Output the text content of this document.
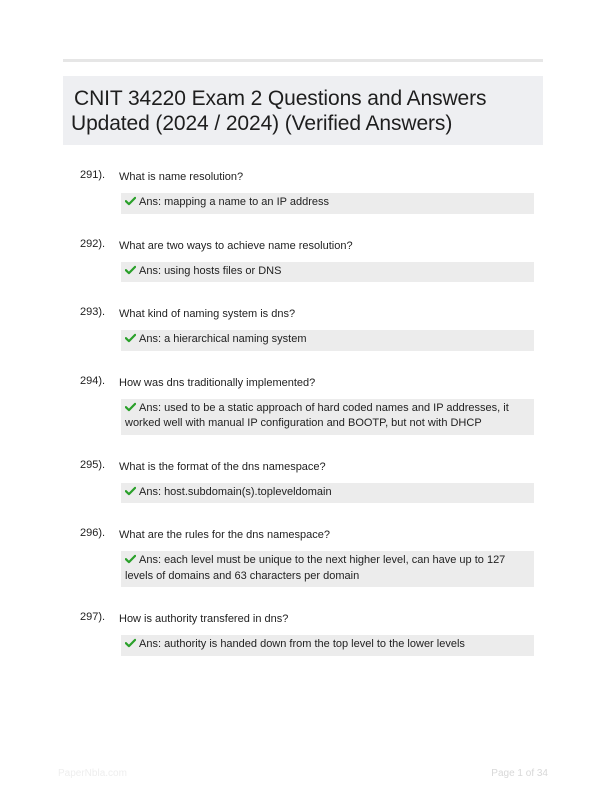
CNIT 34220 Exam 2 Questions and Answers
Updated (2024 / 2024) (Verified Answers)
291).	What is name resolution?
Ans: mapping a name to an IP address
292).	What are two ways to achieve name resolution?
Ans: using hosts files or DNS
293).	What kind of naming system is dns?
Ans: a hierarchical naming system
294).	How was dns traditionally implemented?
Ans: used to be a static approach of hard coded names and IP addresses, it worked well with manual IP configuration and BOOTP, but not with DHCP
295).	What is the format of the dns namespace?
Ans: host.subdomain(s).topleveldomain
296).	What are the rules for the dns namespace?
Ans: each level must be unique to the next higher level, can have up to 127 levels of domains and 63 characters per domain
297).	How is authority transfered in dns?
Ans: authority is handed down from the top level to the lower levels
PaperNbla.com	Page 1 of 34
